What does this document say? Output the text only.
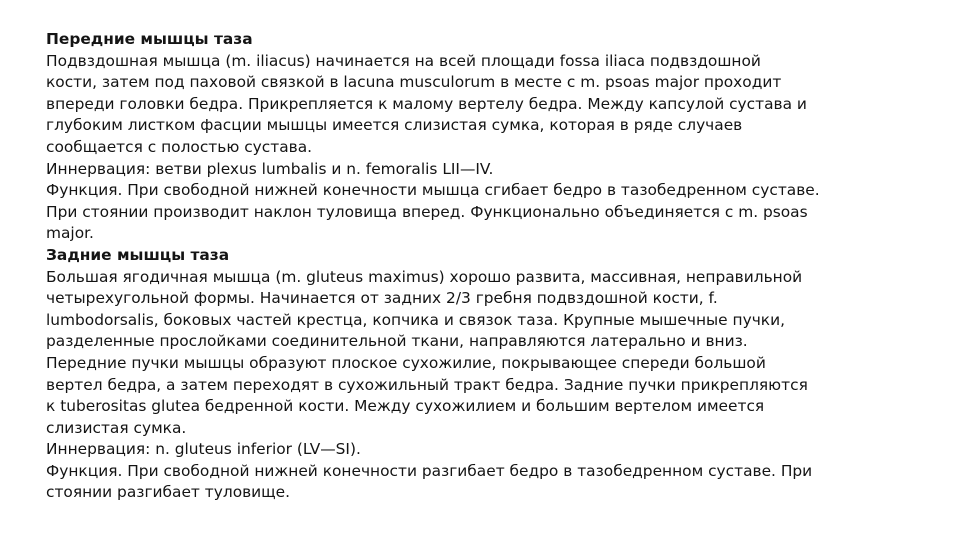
Передние мышцы таза
Подвздошная мышца (m. iliacus) начинается на всей площади fossa iliaca подвздошной
кости, затем под паховой связкой в lacuna musculorum в месте с m. psoas major проходит
впереди головки бедра. Прикрепляется к малому вертелу бедра. Между капсулой сустава и
глубоким листком фасции мышцы имеется слизистая сумка, которая в ряде случаев
сообщается с полостью сустава.
Иннервация: ветви plexus lumbalis и n. femoralis LII—IV.
Функция. При свободной нижней конечности мышца сгибает бедро в тазобедренном суставе.
При стоянии производит наклон туловища вперед. Функционально объединяется с m. psoas
major.
Задние мышцы таза
Большая ягодичная мышца (m. gluteus maximus) хорошо развита, массивная, неправильной
четырехугольной формы. Начинается от задних 2/3 гребня подвздошной кости, f.
lumbodorsalis, боковых частей крестца, копчика и связок таза. Крупные мышечные пучки,
разделенные прослойками соединительной ткани, направляются латерально и вниз.
Передние пучки мышцы образуют плоское сухожилие, покрывающее спереди большой
вертел бедра, а затем переходят в сухожильный тракт бедра. Задние пучки прикрепляются
к tuberositas glutea бедренной кости. Между сухожилием и большим вертелом имеется
слизистая сумка.
Иннервация: n. gluteus inferior (LV—SI).
Функция. При свободной нижней конечности разгибает бедро в тазобедренном суставе. При
стоянии разгибает туловище.
